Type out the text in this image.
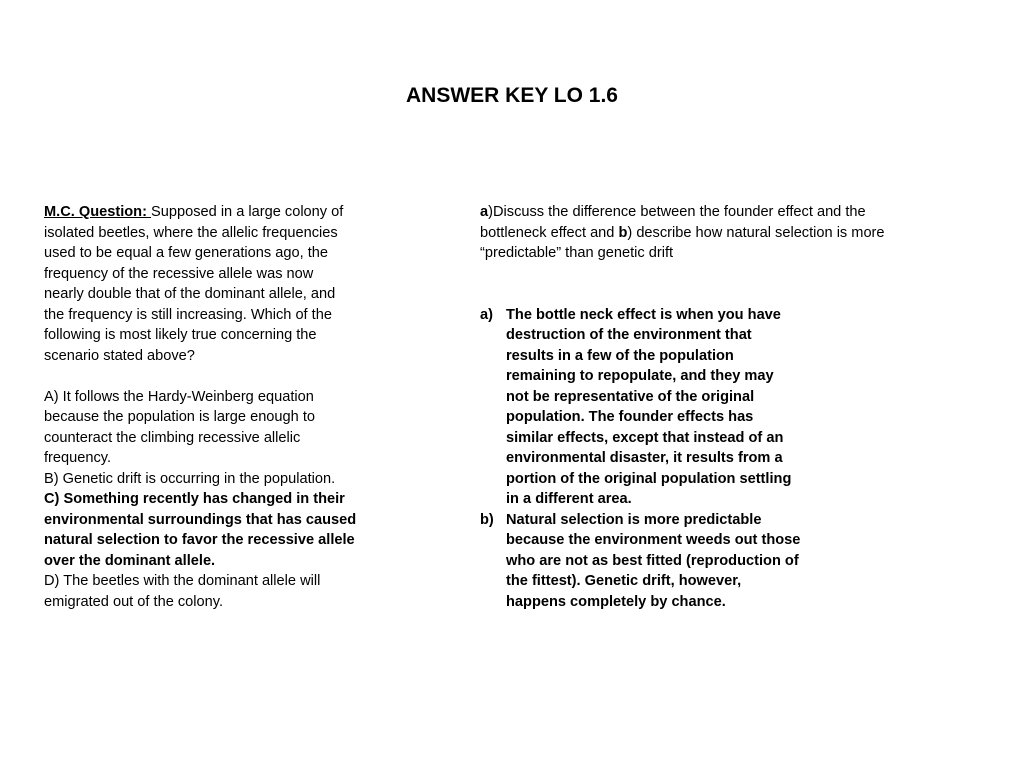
ANSWER KEY LO 1.6
M.C. Question: Supposed in a large colony of
isolated beetles, where the allelic frequencies
used to be equal a few generations ago, the
frequency of the recessive allele was now
nearly double that of the dominant allele, and
the frequency is still increasing. Which of the
following is most likely true concerning the
scenario stated above?
A) It follows the Hardy-Weinberg equation
because the population is large enough to
counteract the climbing recessive allelic
frequency.
B) Genetic drift is occurring in the population.
C) Something recently has changed in their
environmental surroundings that has caused
natural selection to favor the recessive allele
over the dominant allele.
D) The beetles with the dominant allele will
emigrated out of the colony.
a)Discuss the difference between the founder effect and the
bottleneck effect and b) describe how natural selection is more
“predictable” than genetic drift
a) The bottle neck effect is when you have
destruction of the environment that
results in a few of the population
remaining to repopulate, and they may
not be representative of the original
population. The founder effects has
similar effects, except that instead of an
environmental disaster, it results from a
portion of the original population settling
in a different area.
b) Natural selection is more predictable
because the environment weeds out those
who are not as best fitted (reproduction of
the fittest). Genetic drift, however,
happens completely by chance.
